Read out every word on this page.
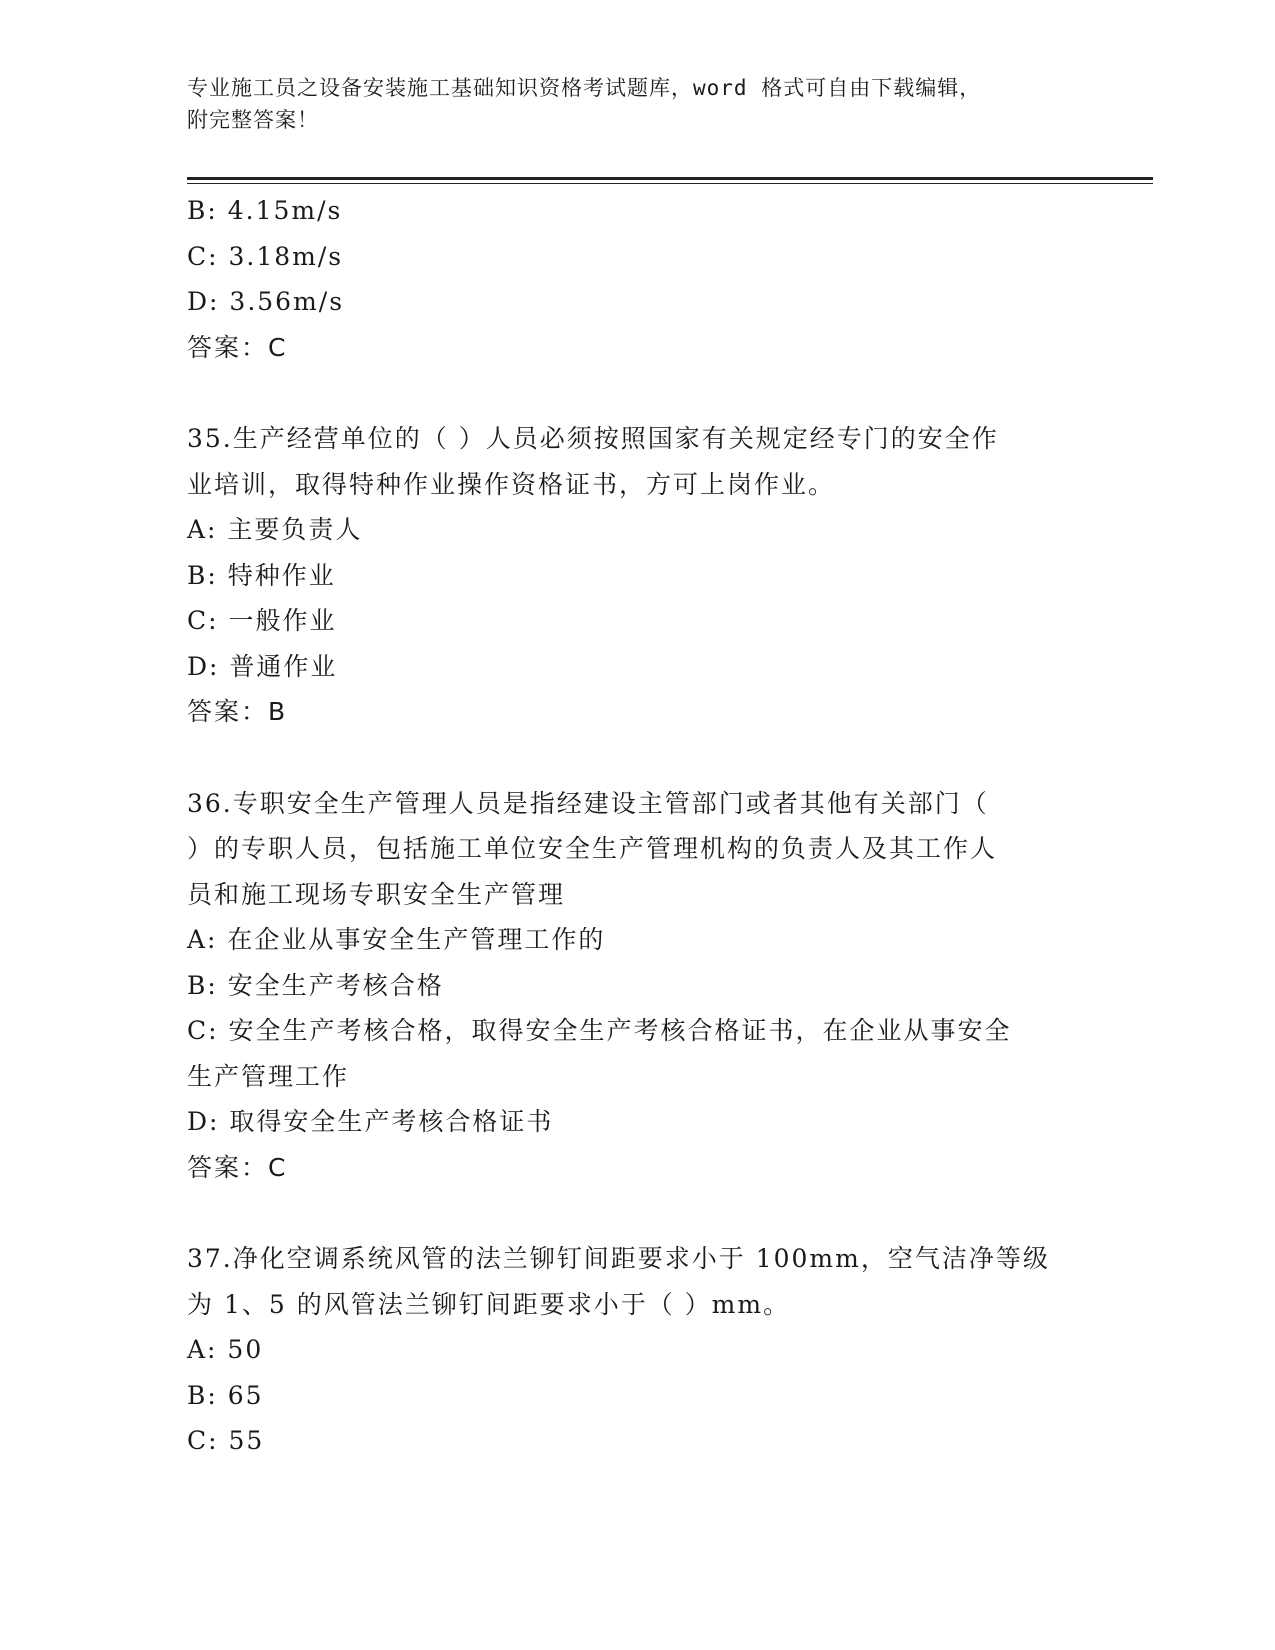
专业施工员之设备安装施工基础知识资格考试题库，word 格式可自由下载编辑，
附完整答案！
B: 4.15m/s
C: 3.18m/s
D: 3.56m/s
答案：C
35.生产经营单位的（ ）人员必须按照国家有关规定经专门的安全作
业培训，取得特种作业操作资格证书，方可上岗作业。
A: 主要负责人
B: 特种作业
C: 一般作业
D: 普通作业
答案：B
36.专职安全生产管理人员是指经建设主管部门或者其他有关部门（
）的专职人员，包括施工单位安全生产管理机构的负责人及其工作人
员和施工现场专职安全生产管理
A: 在企业从事安全生产管理工作的
B: 安全生产考核合格
C: 安全生产考核合格，取得安全生产考核合格证书，在企业从事安全
生产管理工作
D: 取得安全生产考核合格证书
答案：C
37.净化空调系统风管的法兰铆钉间距要求小于 100mm，空气洁净等级
为 1、5 的风管法兰铆钉间距要求小于（ ）mm。
A: 50
B: 65
C: 55
